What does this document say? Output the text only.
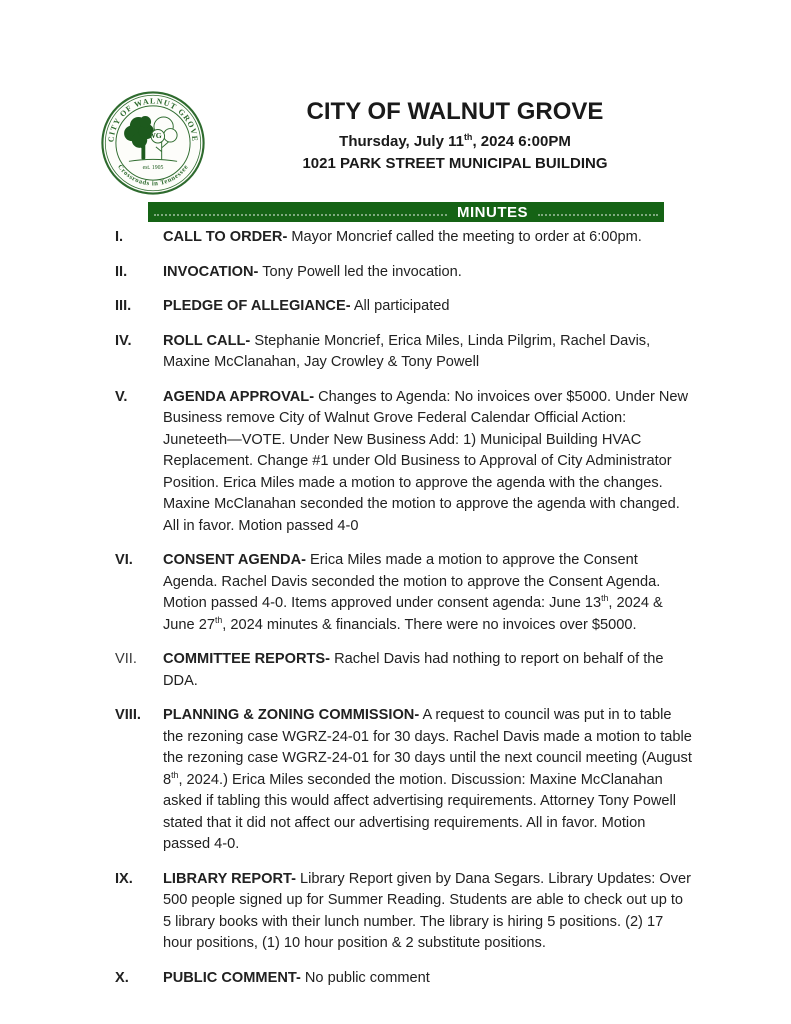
CITY OF WALNUT GROVE
Crossroads in Tennessee
WG
est. 1905
CITY OF WALNUT GROVE
Thursday, July 11th, 2024 6:00PM
1021 PARK STREET MUNICIPAL BUILDING
MINUTES
I.	CALL TO ORDER- Mayor Moncrief called the meeting to order at 6:00pm.
II.	INVOCATION- Tony Powell led the invocation.
III.	PLEDGE OF ALLEGIANCE- All participated
IV.	ROLL CALL- Stephanie Moncrief, Erica Miles, Linda Pilgrim, Rachel Davis, Maxine McClanahan, Jay Crowley & Tony Powell
V.	AGENDA APPROVAL- Changes to Agenda: No invoices over $5000. Under New Business remove City of Walnut Grove Federal Calendar Official Action: Juneteeth—VOTE. Under New Business Add: 1) Municipal Building HVAC Replacement. Change #1 under Old Business to Approval of City Administrator Position. Erica Miles made a motion to approve the agenda with the changes. Maxine McClanahan seconded the motion to approve the agenda with changed. All in favor. Motion passed 4-0
VI.	CONSENT AGENDA- Erica Miles made a motion to approve the Consent Agenda. Rachel Davis seconded the motion to approve the Consent Agenda. Motion passed 4-0. Items approved under consent agenda: June 13th, 2024 & June 27th, 2024 minutes & financials. There were no invoices over $5000.
VII.	COMMITTEE REPORTS- Rachel Davis had nothing to report on behalf of the DDA.
VIII.	PLANNING & ZONING COMMISSION- A request to council was put in to table the rezoning case WGRZ-24-01 for 30 days. Rachel Davis made a motion to table the rezoning case WGRZ-24-01 for 30 days until the next council meeting (August 8th, 2024.) Erica Miles seconded the motion. Discussion: Maxine McClanahan asked if tabling this would affect advertising requirements. Attorney Tony Powell stated that it did not affect our advertising requirements. All in favor. Motion passed 4-0.
IX.	LIBRARY REPORT- Library Report given by Dana Segars. Library Updates: Over 500 people signed up for Summer Reading. Students are able to check out up to 5 library books with their lunch number. The library is hiring 5 positions. (2) 17 hour positions, (1) 10 hour position & 2 substitute positions.
X.	PUBLIC COMMENT- No public comment
